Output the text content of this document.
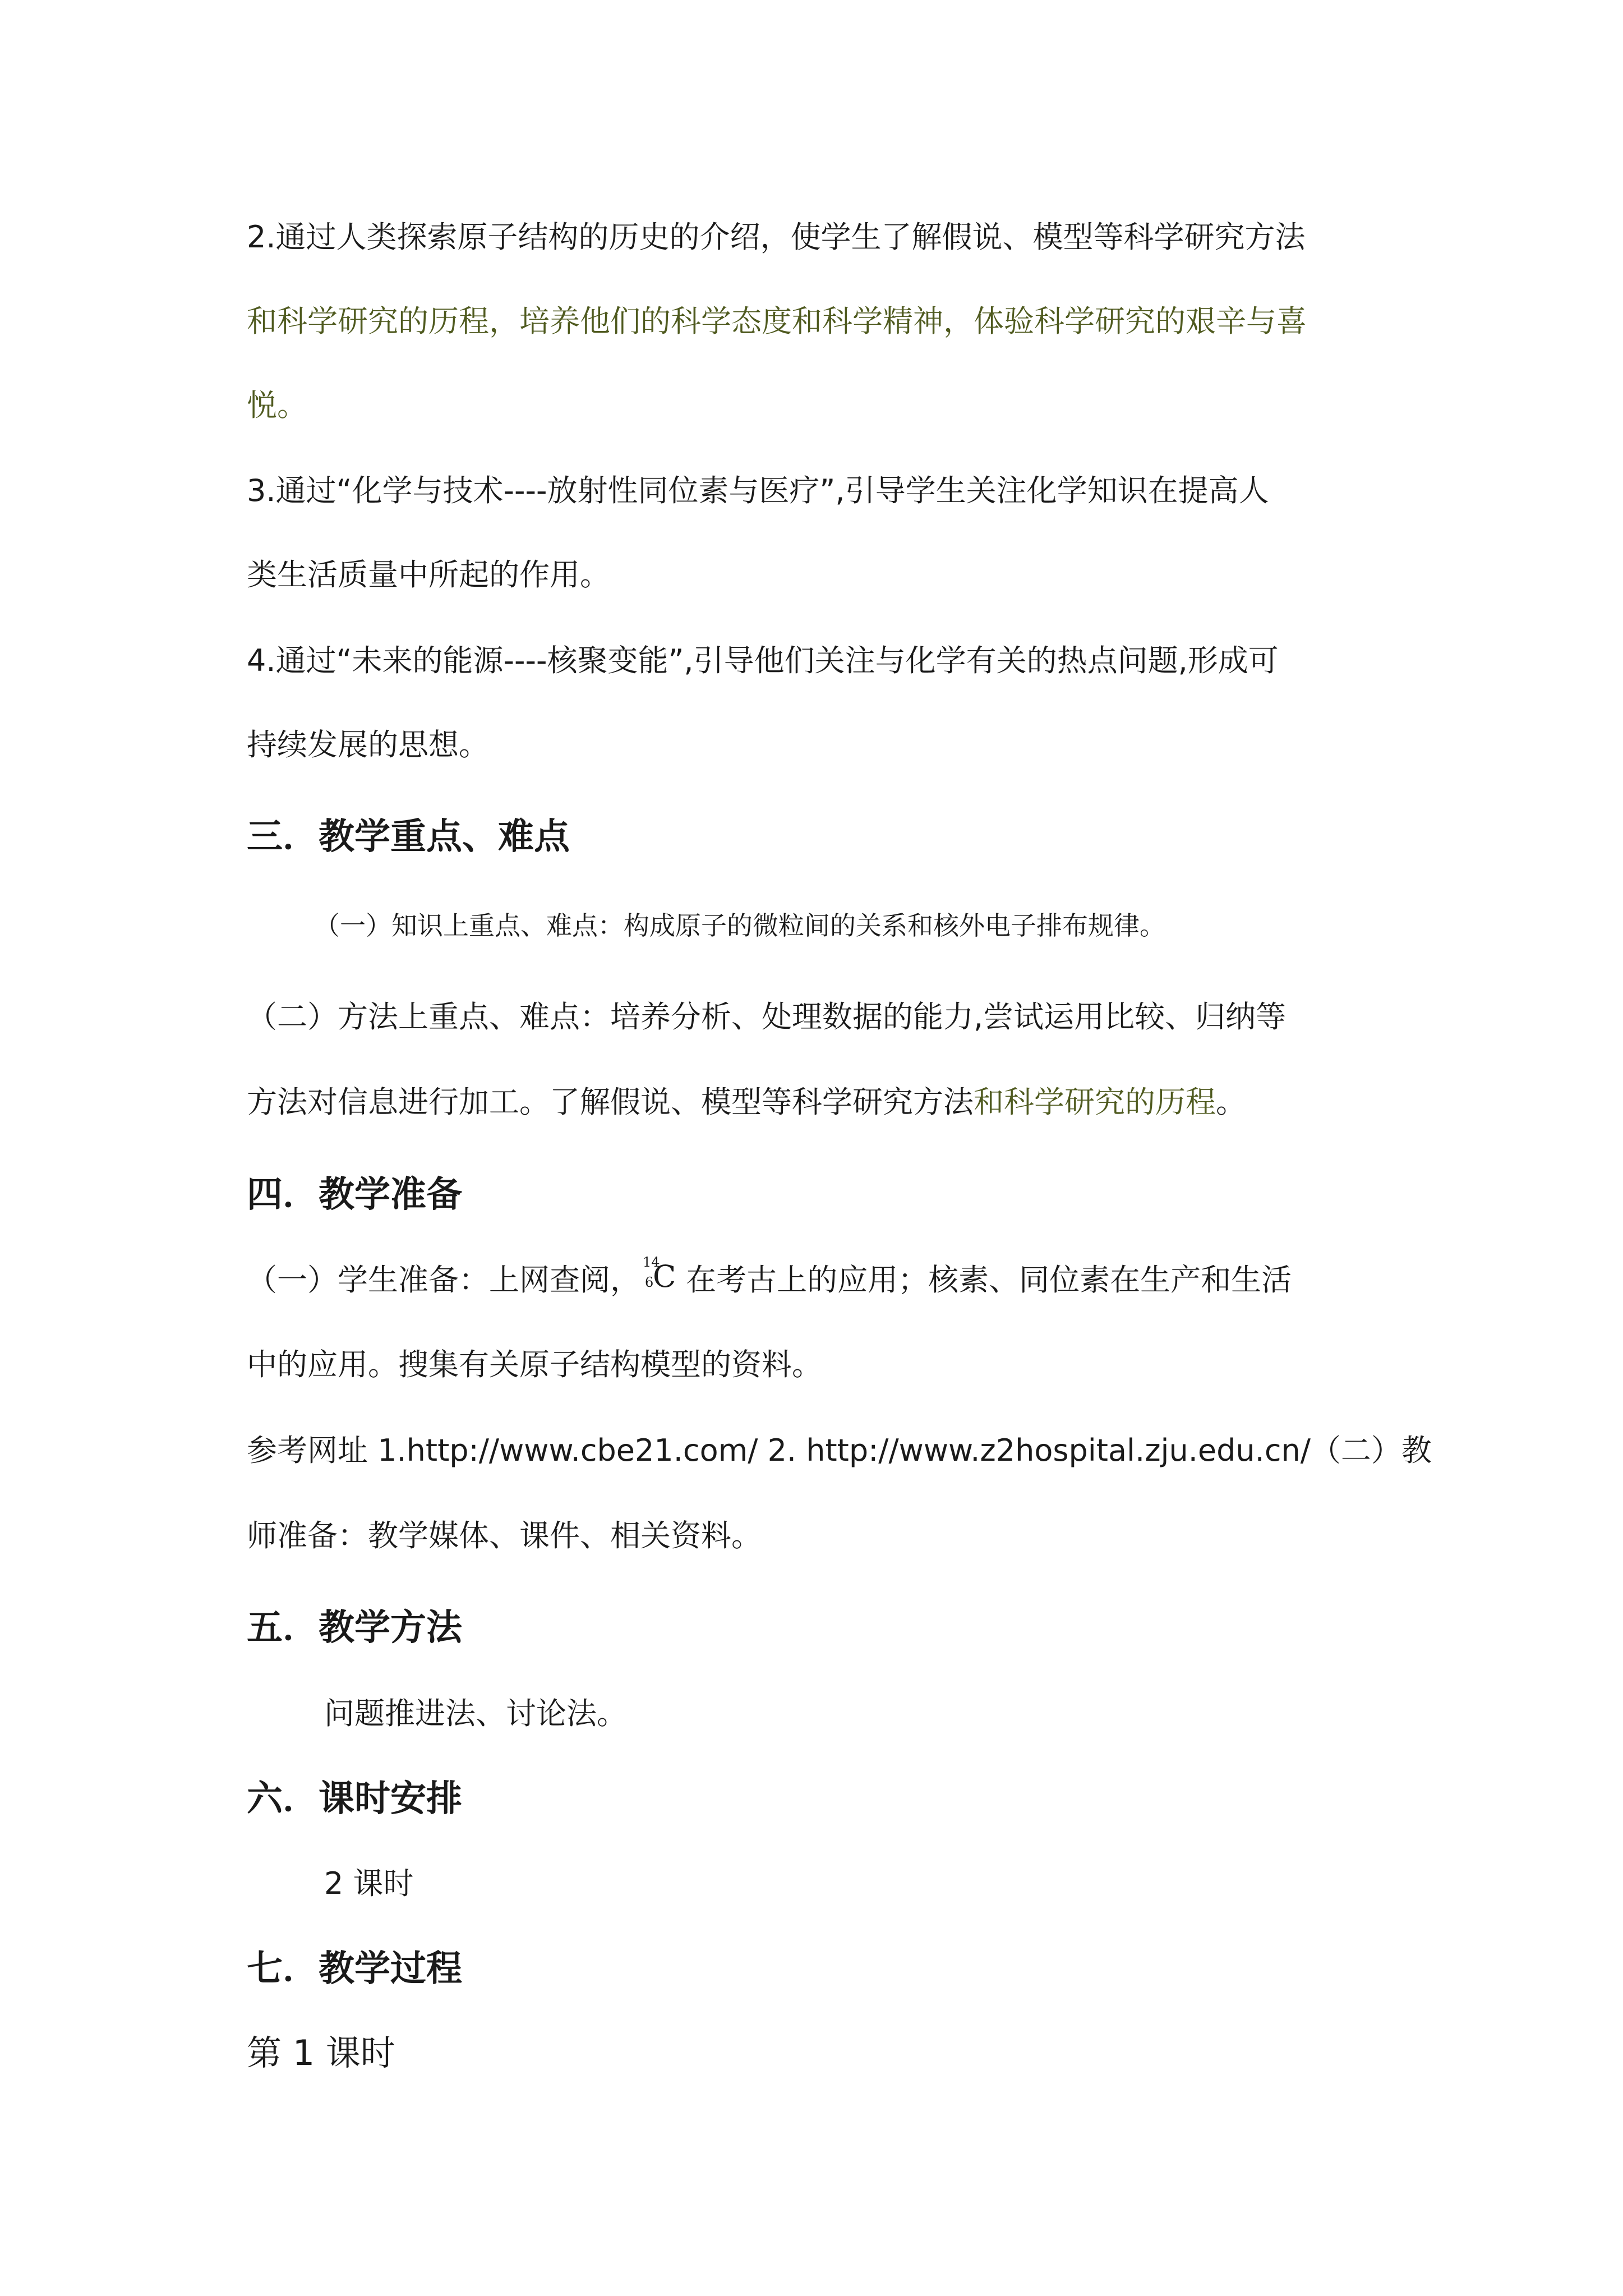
2.通过人类探索原子结构的历史的介绍，使学生了解假说、模型等科学研究方法
和科学研究的历程，培养他们的科学态度和科学精神，体验科学研究的艰辛与喜
悦。
3.通过“化学与技术----放射性同位素与医疗”,引导学生关注化学知识在提高人
类生活质量中所起的作用。
4.通过“未来的能源----核聚变能”,引导他们关注与化学有关的热点问题,形成可
持续发展的思想。
三．教学重点、难点
（一）知识上重点、难点：构成原子的微粒间的关系和核外电子排布规律。
（二）方法上重点、难点：培养分析、处理数据的能力,尝试运用比较、归纳等
方法对信息进行加工。了解假说、模型等科学研究方法和科学研究的历程。
四．教学准备
（一）学生准备：上网查阅， 14
6
C 在考古上的应用；核素、同位素在生产和生活
中的应用。搜集有关原子结构模型的资料。
参考网址 1.http://www.cbe21.com/ 2. http://www.z2hospital.zju.edu.cn/（二）教
师准备：教学媒体、课件、相关资料。
五．教学方法
问题推进法、讨论法。
六．课时安排
2 课时
七．教学过程
第 1 课时
